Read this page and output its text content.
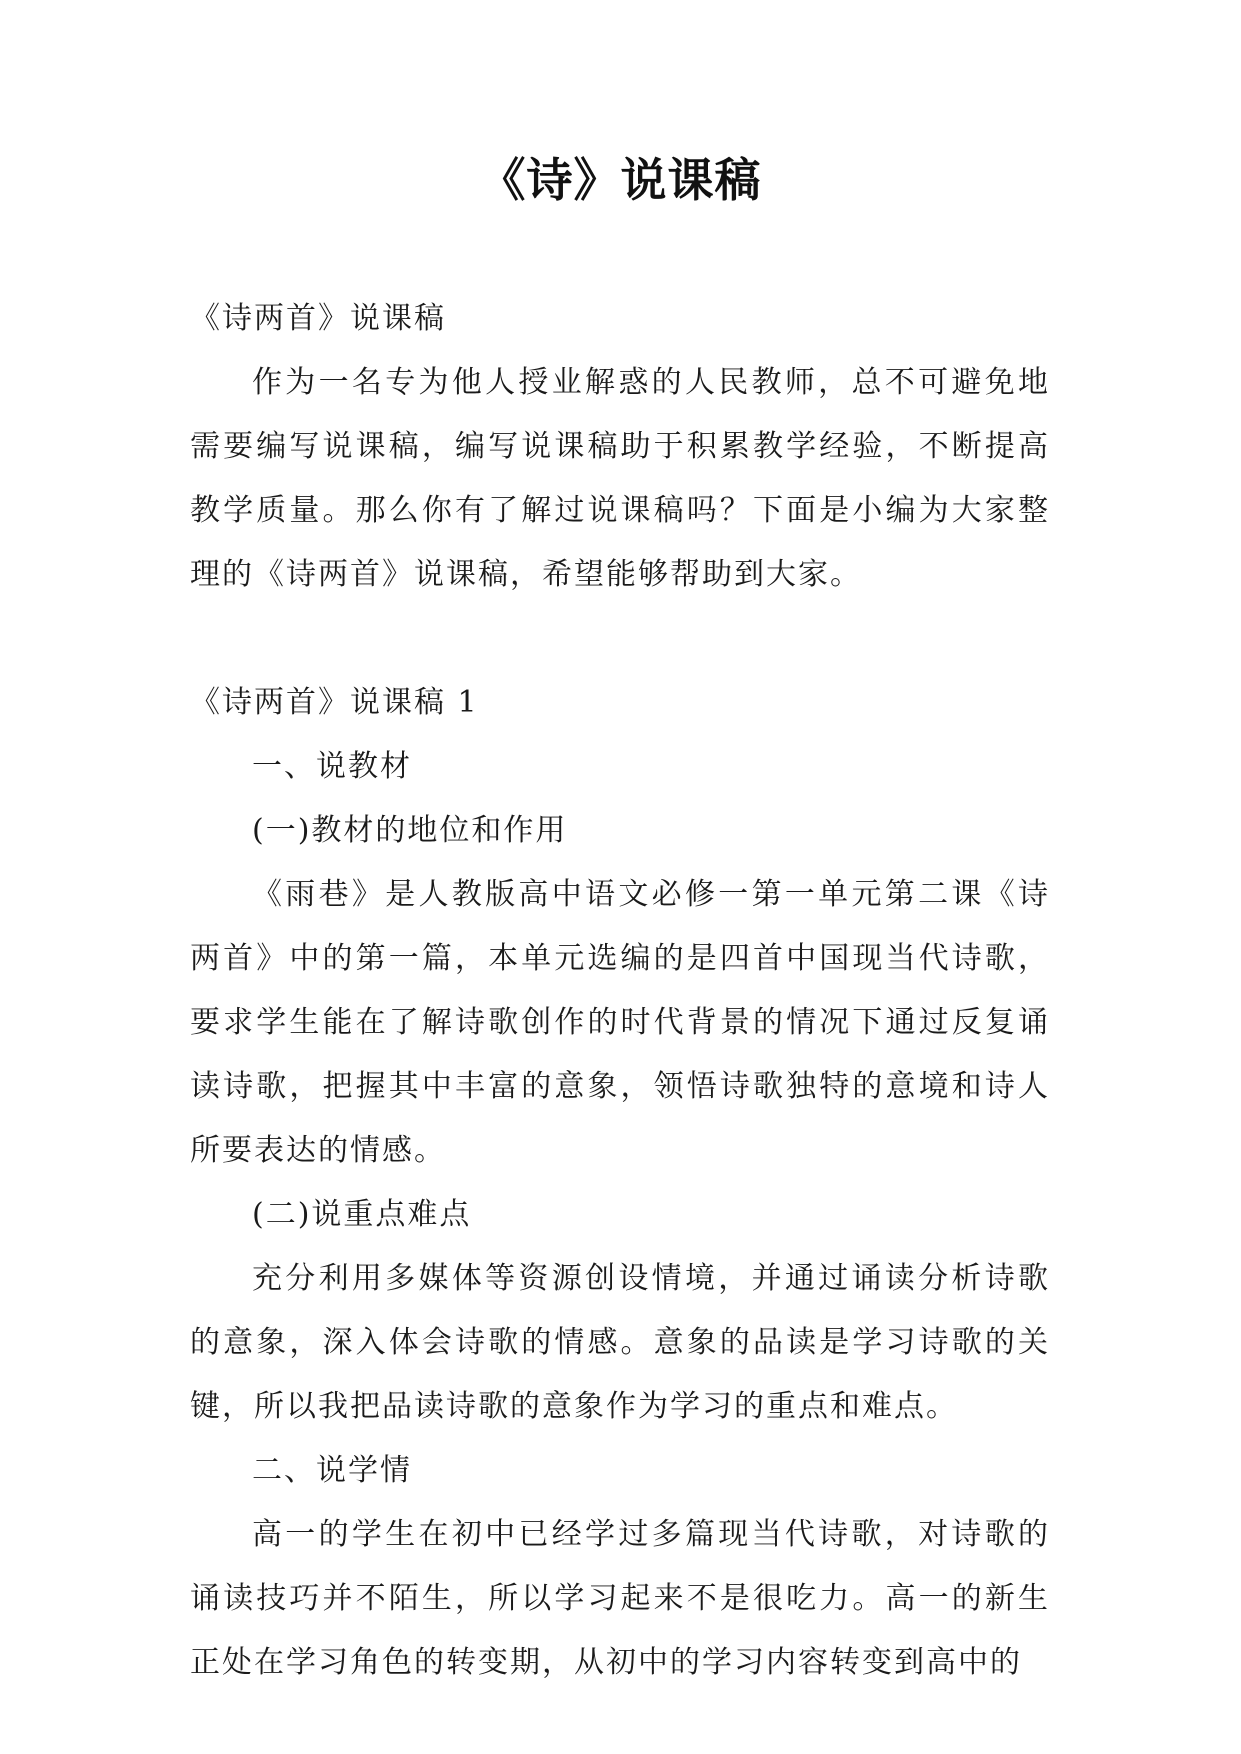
《诗》说课稿

《诗两首》说课稿

作为一名专为他人授业解惑的人民教师，总不可避免地需要编写说课稿，编写说课稿助于积累教学经验，不断提高教学质量。那么你有了解过说课稿吗？下面是小编为大家整理的《诗两首》说课稿，希望能够帮助到大家。

《诗两首》说课稿 1

一、说教材

(一)教材的地位和作用

《雨巷》是人教版高中语文必修一第一单元第二课《诗两首》中的第一篇，本单元选编的是四首中国现当代诗歌，要求学生能在了解诗歌创作的时代背景的情况下通过反复诵读诗歌，把握其中丰富的意象，领悟诗歌独特的意境和诗人所要表达的情感。

(二)说重点难点

充分利用多媒体等资源创设情境，并通过诵读分析诗歌的意象，深入体会诗歌的情感。意象的品读是学习诗歌的关键，所以我把品读诗歌的意象作为学习的重点和难点。

二、说学情

高一的学生在初中已经学过多篇现当代诗歌，对诗歌的诵读技巧并不陌生，所以学习起来不是很吃力。高一的新生正处在学习角色的转变期，从初中的学习内容转变到高中的
